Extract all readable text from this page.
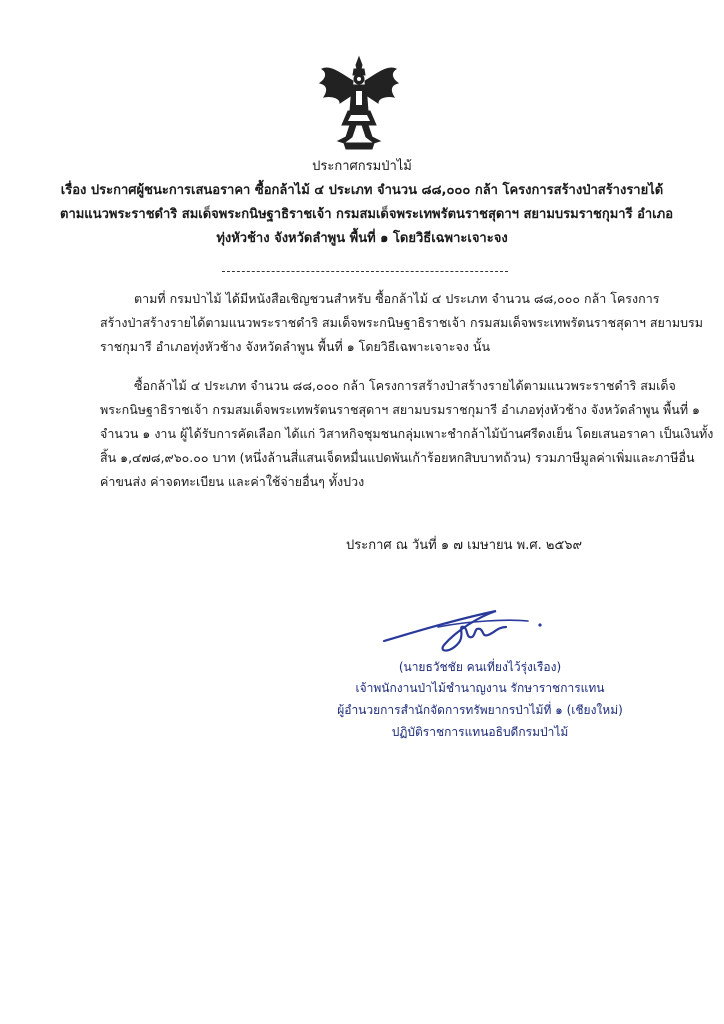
ประกาศกรมป่าไม้
เรื่อง ประกาศผู้ชนะการเสนอราคา ซื้อกล้าไม้ ๔ ประเภท จำนวน ๘๘,๐๐๐ กล้า โครงการสร้างป่าสร้างรายได้
ตามแนวพระราชดำริ สมเด็จพระกนิษฐาธิราชเจ้า กรมสมเด็จพระเทพรัตนราชสุดาฯ สยามบรมราชกุมารี อำเภอ
ทุ่งหัวช้าง จังหวัดลำพูน พื้นที่ ๑ โดยวิธีเฉพาะเจาะจง
ตามที่ กรมป่าไม้ ได้มีหนังสือเชิญชวนสำหรับ ซื้อกล้าไม้ ๔ ประเภท จำนวน ๘๘,๐๐๐ กล้า โครงการ
สร้างป่าสร้างรายได้ตามแนวพระราชดำริ สมเด็จพระกนิษฐาธิราชเจ้า กรมสมเด็จพระเทพรัตนราชสุดาฯ สยามบรม
ราชกุมารี อำเภอทุ่งหัวช้าง จังหวัดลำพูน พื้นที่ ๑ โดยวิธีเฉพาะเจาะจง นั้น
ซื้อกล้าไม้ ๔ ประเภท จำนวน ๘๘,๐๐๐ กล้า โครงการสร้างป่าสร้างรายได้ตามแนวพระราชดำริ สมเด็จ
พระกนิษฐาธิราชเจ้า กรมสมเด็จพระเทพรัตนราชสุดาฯ สยามบรมราชกุมารี อำเภอทุ่งหัวช้าง จังหวัดลำพูน พื้นที่ ๑
จำนวน ๑ งาน ผู้ได้รับการคัดเลือก ได้แก่ วิสาหกิจชุมชนกลุ่มเพาะชำกล้าไม้บ้านศรีดงเย็น โดยเสนอราคา เป็นเงินทั้ง
สิ้น ๑,๔๗๘,๙๖๐.๐๐ บาท (หนึ่งล้านสี่แสนเจ็ดหมื่นแปดพันเก้าร้อยหกสิบบาทถ้วน) รวมภาษีมูลค่าเพิ่มและภาษีอื่น
ค่าขนส่ง ค่าจดทะเบียน และค่าใช้จ่ายอื่นๆ ทั้งปวง
ประกาศ ณ วันที่ ๑ ๗ เมษายน พ.ศ. ๒๕๖๙
(นายธวัชชัย คนเที่ยงไว้รุ่งเรือง)
เจ้าพนักงานป่าไม้ชำนาญงาน รักษาราชการแทน
ผู้อำนวยการสำนักจัดการทรัพยากรป่าไม้ที่ ๑ (เชียงใหม่)
ปฏิบัติราชการแทนอธิบดีกรมป่าไม้
